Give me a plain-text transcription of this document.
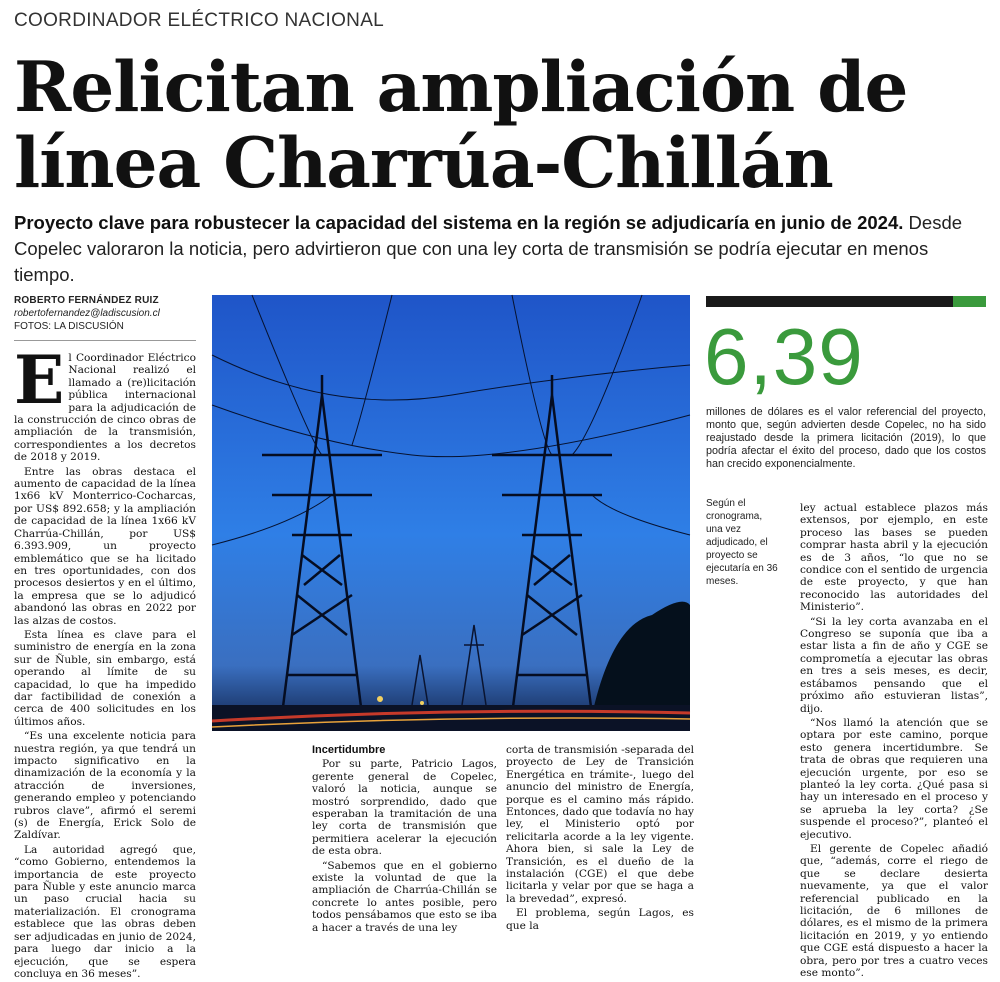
COORDINADOR ELÉCTRICO NACIONAL
Relicitan ampliación de
línea Charrúa-Chillán
Proyecto clave para robustecer la capacidad del sistema en la región se adjudicaría en junio de 2024. Desde Copelec valoraron la noticia, pero advirtieron que con una ley corta de transmisión se podría ejecutar en menos tiempo.
ROBERTO FERNÁNDEZ RUIZ
robertofernandez@ladiscusion.cl
FOTOS: LA DISCUSIÓN

El Coordinador Eléctrico Nacional realizó el llamado a (re)licitación pública internacional para la adjudicación de la construcción de cinco obras de ampliación de la transmisión, correspondientes a los decretos de 2018 y 2019.

Entre las obras destaca el aumento de capacidad de la línea 1x66 kV Monterrico-Cocharcas, por US$ 892.658; y la ampliación de capacidad de la línea 1x66 kV Charrúa-Chillán, por US$ 6.393.909, un proyecto emblemático que se ha licitado en tres oportunidades, con dos procesos desiertos y en el último, la empresa que se lo adjudicó abandonó las obras en 2022 por las alzas de costos.

Esta línea es clave para el suministro de energía en la zona sur de Ñuble, sin embargo, está operando al límite de su capacidad, lo que ha impedido dar factibilidad de conexión a cerca de 400 solicitudes en los últimos años.

“Es una excelente noticia para nuestra región, ya que tendrá un impacto significativo en la dinamización de la economía y la atracción de inversiones, generando empleo y potenciando rubros clave”, afirmó el seremi (s) de Energía, Erick Solo de Zaldívar.

La autoridad agregó que, “como Gobierno, entendemos la importancia de este proyecto para Ñuble y este anuncio marca un paso crucial hacia su materialización. El cronograma establece que las obras deben ser adjudicadas en junio de 2024, para luego dar inicio a la ejecución, que se espera concluya en 36 meses”.

6,39
millones de dólares es el valor referencial del proyecto, monto que, según advierten desde Copelec, no ha sido reajustado desde la primera licitación (2019), lo que podría afectar el éxito del proceso, dado que los costos han crecido exponencialmente.
Según el cronograma, una vez adjudicado, el proyecto se ejecutaría en 36 meses.
Incertidumbre

Por su parte, Patricio Lagos, gerente general de Copelec, valoró la noticia, aunque se mostró sorprendido, dado que esperaban la tramitación de una ley corta de transmisión que permitiera acelerar la ejecución de esta obra.

“Sabemos que en el gobierno existe la voluntad de que la ampliación de Charrúa-Chillán se concrete lo antes posible, pero todos pensábamos que esto se iba a hacer a través de una ley

corta de transmisión -separada del proyecto de Ley de Transición Energética en trámite-, luego del anuncio del ministro de Energía, porque es el camino más rápido. Entonces, dado que todavía no hay ley, el Ministerio optó por relicitarla acorde a la ley vigente. Ahora bien, si sale la Ley de Transición, es el dueño de la instalación (CGE) el que debe licitarla y velar por que se haga a la brevedad”, expresó.

El problema, según Lagos, es que la

ley actual establece plazos más extensos, por ejemplo, en este proceso las bases se pueden comprar hasta abril y la ejecución es de 3 años, “lo que no se condice con el sentido de urgencia de este proyecto, y que han reconocido las autoridades del Ministerio”.

“Si la ley corta avanzaba en el Congreso se suponía que iba a estar lista a fin de año y CGE se comprometía a ejecutar las obras en tres a seis meses, es decir, estábamos pensando que el próximo año estuvieran listas”, dijo.

“Nos llamó la atención que se optara por este camino, porque esto genera incertidumbre. Se trata de obras que requieren una ejecución urgente, por eso se planteó la ley corta. ¿Qué pasa si hay un interesado en el proceso y se aprueba la ley corta? ¿Se suspende el proceso?”, planteó el ejecutivo.

El gerente de Copelec añadió que, “además, corre el riego de que se declare desierta nuevamente, ya que el valor referencial publicado en la licitación, de 6 millones de dólares, es el mismo de la primera licitación en 2019, y yo entiendo que CGE está dispuesto a hacer la obra, pero por tres a cuatro veces ese monto”.
